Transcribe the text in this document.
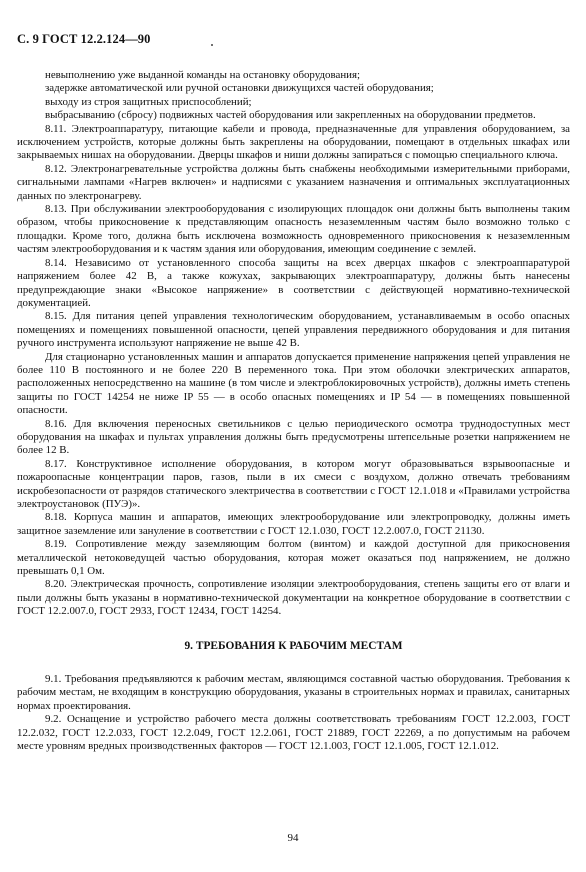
С. 9 ГОСТ 12.2.124—90

невыполнению уже выданной команды на остановку оборудования;

задержке автоматической или ручной остановки движущихся частей оборудования;

выходу из строя защитных приспособлений;

выбрасыванию (сбросу) подвижных частей оборудования или закрепленных на оборудовании предметов.

8.11. Электроаппаратуру, питающие кабели и провода, предназначенные для управления оборудованием, за исключением устройств, которые должны быть закреплены на оборудовании, помещают в отдельных шкафах или закрываемых нишах на оборудовании. Дверцы шкафов и ниши должны запираться с помощью специального ключа.

8.12. Электронагревательные устройства должны быть снабжены необходимыми измерительными приборами, сигнальными лампами «Нагрев включен» и надписями с указанием назначения и оптимальных эксплуатационных данных по электронагреву.

8.13. При обслуживании электрооборудования с изолирующих площадок они должны быть выполнены таким образом, чтобы прикосновение к представляющим опасность незаземленным частям было возможно только с площадки. Кроме того, должна быть исключена возможность одновременного прикосновения к незаземленным частям электрооборудования и к частям здания или оборудования, имеющим соединение с землей.

8.14. Независимо от установленного способа защиты на всех дверцах шкафов с электроаппаратурой напряжением более 42 В, а также кожухах, закрывающих электроаппаратуру, должны быть нанесены предупреждающие знаки «Высокое напряжение» в соответствии с действующей нормативно-технической документацией.

8.15. Для питания цепей управления технологическим оборудованием, устанавливаемым в особо опасных помещениях и помещениях повышенной опасности, цепей управления передвижного оборудования и для питания ручного инструмента используют напряжение не выше 42 В.

Для стационарно установленных машин и аппаратов допускается применение напряжения цепей управления не более 110 В постоянного и не более 220 В переменного тока. При этом оболочки электрических аппаратов, расположенных непосредственно на машине (в том числе и электроблокировочных устройств), должны иметь степень защиты по ГОСТ 14254 не ниже IP 55 — в особо опасных помещениях и IP 54 — в помещениях повышенной опасности.

8.16. Для включения переносных светильников с целью периодического осмотра труднодоступных мест оборудования на шкафах и пультах управления должны быть предусмотрены штепсельные розетки напряжением не более 12 В.

8.17. Конструктивное исполнение оборудования, в котором могут образовываться взрывоопасные и пожароопасные концентрации паров, газов, пыли в их смеси с воздухом, должно отвечать требованиям искробезопасности от разрядов статического электричества в соответствии с ГОСТ 12.1.018 и «Правилами устройства электроустановок (ПУЭ)».

8.18. Корпуса машин и аппаратов, имеющих электрооборудование или электропроводку, должны иметь защитное заземление или зануление в соответствии с ГОСТ 12.1.030, ГОСТ 12.2.007.0, ГОСТ 21130.

8.19. Сопротивление между заземляющим болтом (винтом) и каждой доступной для прикосновения металлической нетоковедущей частью оборудования, которая может оказаться под напряжением, не должно превышать 0,1 Ом.

8.20. Электрическая прочность, сопротивление изоляции электрооборудования, степень защиты его от влаги и пыли должны быть указаны в нормативно-технической документации на конкретное оборудование в соответствии с ГОСТ 12.2.007.0, ГОСТ 2933, ГОСТ 12434, ГОСТ 14254.

9. ТРЕБОВАНИЯ К РАБОЧИМ МЕСТАМ

9.1. Требования предъявляются к рабочим местам, являющимся составной частью оборудования. Требования к рабочим местам, не входящим в конструкцию оборудования, указаны в строительных нормах и правилах, санитарных нормах проектирования.

9.2. Оснащение и устройство рабочего места должны соответствовать требованиям ГОСТ 12.2.003, ГОСТ 12.2.032, ГОСТ 12.2.033, ГОСТ 12.2.049, ГОСТ 12.2.061, ГОСТ 21889, ГОСТ 22269, а по допустимым на рабочем месте уровням вредных производственных факторов — ГОСТ 12.1.003, ГОСТ 12.1.005, ГОСТ 12.1.012.

94
